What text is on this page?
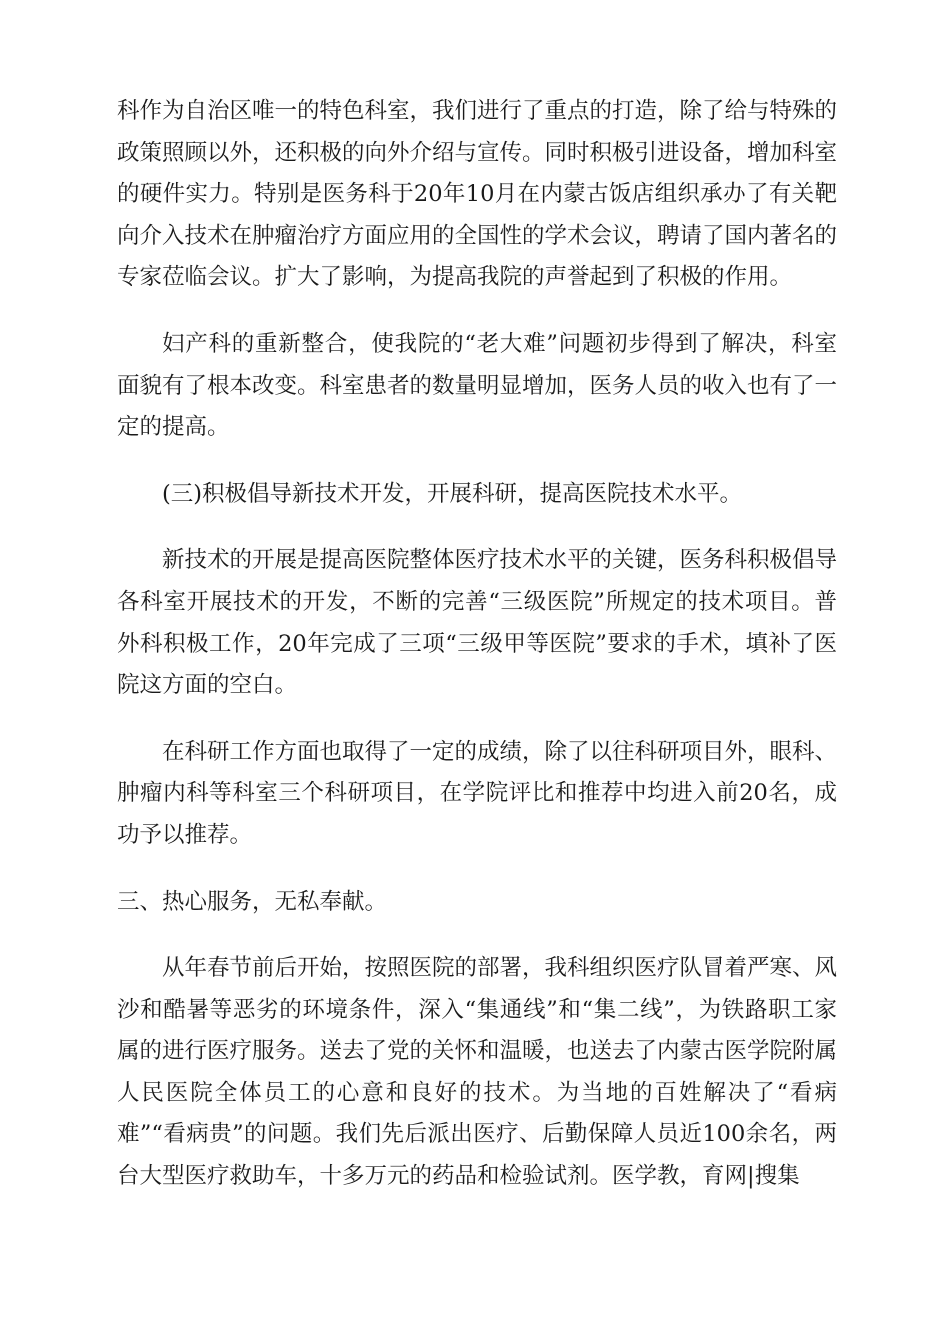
科作为自治区唯一的特色科室，我们进行了重点的打造，除了给与特殊的政策照顾以外，还积极的向外介绍与宣传。同时积极引进设备，增加科室的硬件实力。特别是医务科于20年10月在内蒙古饭店组织承办了有关靶向介入技术在肿瘤治疗方面应用的全国性的学术会议，聘请了国内著名的专家莅临会议。扩大了影响，为提高我院的声誉起到了积极的作用。

妇产科的重新整合，使我院的“老大难”问题初步得到了解决，科室面貌有了根本改变。科室患者的数量明显增加，医务人员的收入也有了一定的提高。

(三)积极倡导新技术开发，开展科研，提高医院技术水平。

新技术的开展是提高医院整体医疗技术水平的关键，医务科积极倡导各科室开展技术的开发，不断的完善“三级医院”所规定的技术项目。普外科积极工作，20年完成了三项“三级甲等医院”要求的手术，填补了医院这方面的空白。

在科研工作方面也取得了一定的成绩，除了以往科研项目外，眼科、肿瘤内科等科室三个科研项目，在学院评比和推荐中均进入前20名，成功予以推荐。

三、热心服务，无私奉献。

从年春节前后开始，按照医院的部署，我科组织医疗队冒着严寒、风沙和酷暑等恶劣的环境条件，深入“集通线”和“集二线”，为铁路职工家属的进行医疗服务。送去了党的关怀和温暖，也送去了内蒙古医学院附属人民医院全体员工的心意和良好的技术。为当地的百姓解决了“看病难”“看病贵”的问题。我们先后派出医疗、后勤保障人员近100余名，两台大型医疗救助车，十多万元的药品和检验试剂。医学教，育网|搜集
